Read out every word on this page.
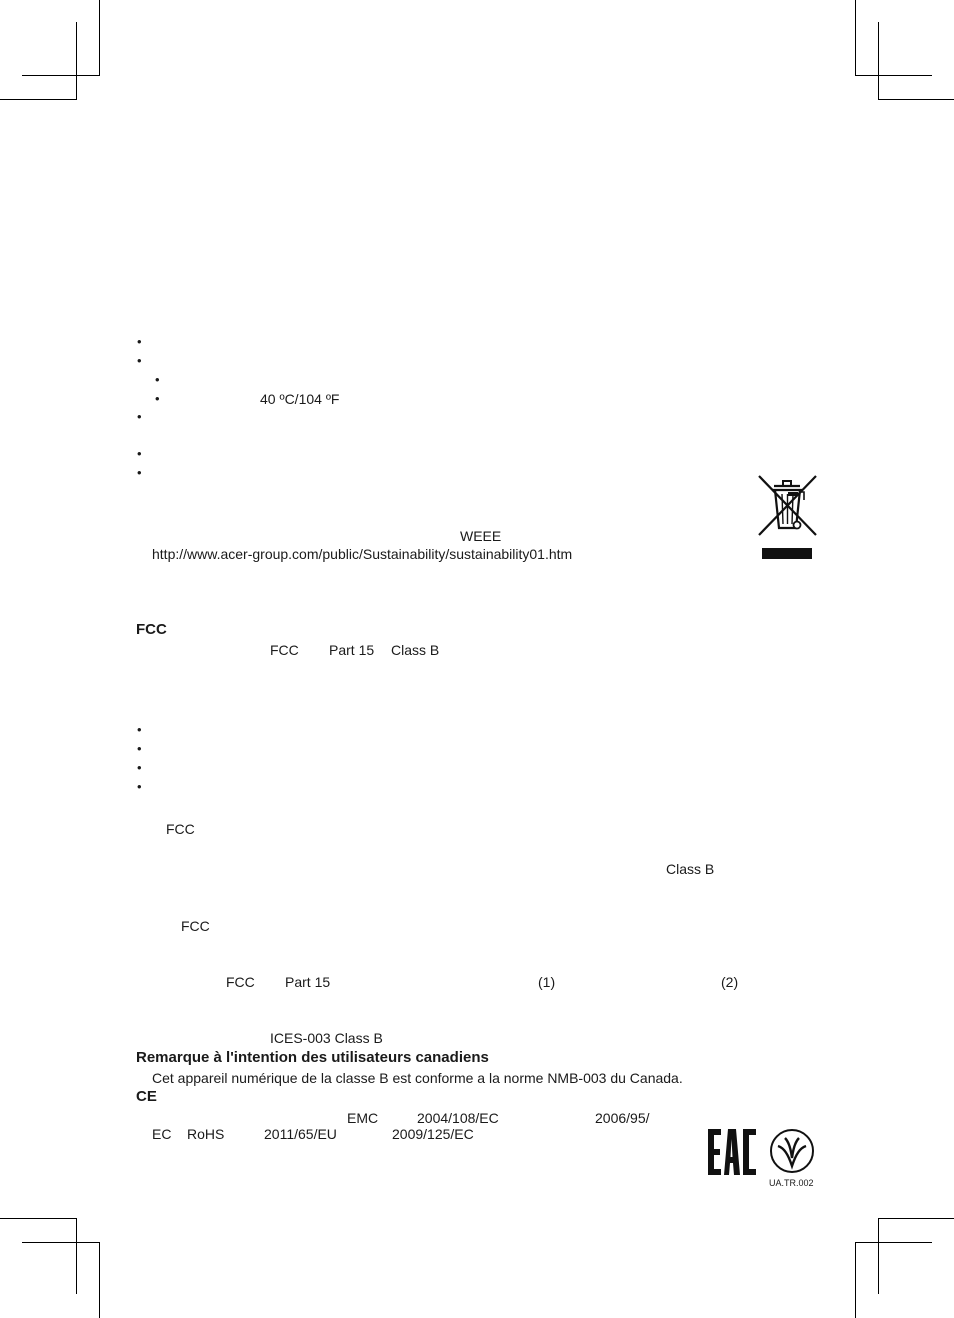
•
•
•
•	40 ºC/104 ºF
•
•
•
WEEE
http://www.acer-group.com/public/Sustainability/sustainability01.htm
FCC
FCC Part 15 Class B
•
•
•
•
FCC
Class B
FCC
FCC Part 15	(1)	(2)
ICES-003 Class B
Remarque à l'intention des utilisateurs canadiens
Cet appareil numérique de la classe B est conforme a la norme NMB-003 du Canada.
CE
EMC	2004/108/EC	2006/95/
EC RoHS	2011/65/EU	2009/125/EC
UA.TR.002
